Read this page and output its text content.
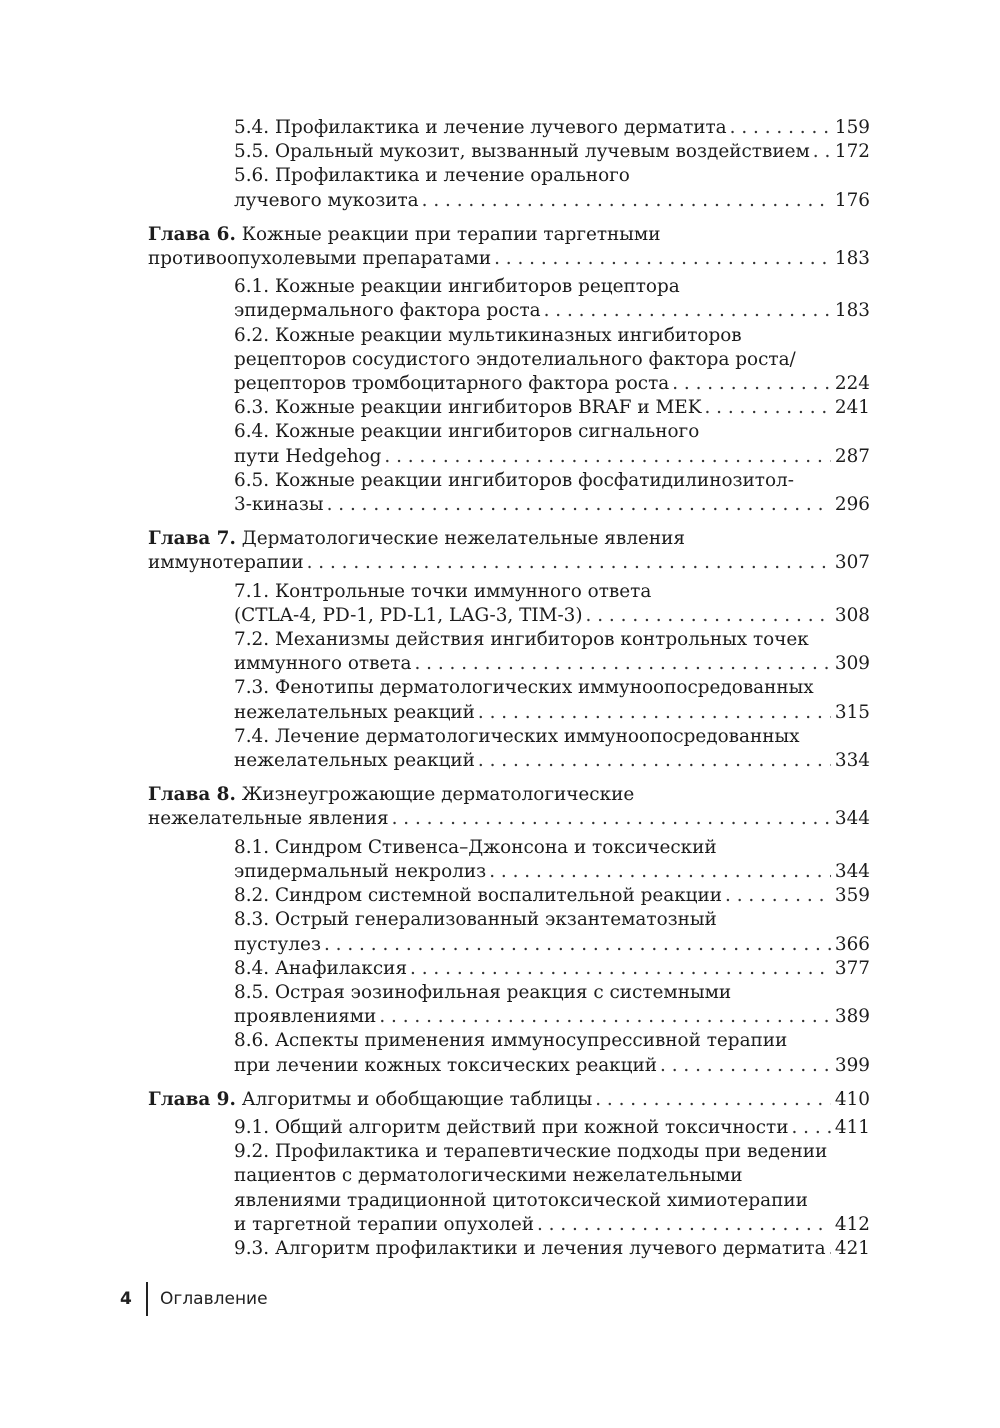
5.4. Профилактика и лечение лучевого дерматита . . .	159
5.5. Оральный мукозит, вызванный лучевым воздействием . . . 172
5.6. Профилактика и лечение орального
лучевого мукозита . . .	176
Глава 6. Кожные реакции при терапии таргетными
противоопухолевыми препаратами . . .	183
6.1. Кожные реакции ингибиторов рецептора
эпидермального фактора роста . . .	183
6.2. Кожные реакции мультикиназных ингибиторов
рецепторов сосудистого эндотелиального фактора роста/
рецепторов тромбоцитарного фактора роста . . .	224
6.3. Кожные реакции ингибиторов BRAF и MEK . . .	241
6.4. Кожные реакции ингибиторов сигнального
пути Hedgehog . . .	287
6.5. Кожные реакции ингибиторов фосфатидилинозитол-
3-киназы . . .	296
Глава 7. Дерматологические нежелательные явления
иммунотерапии . . .	307
7.1. Контрольные точки иммунного ответа
(CTLA-4, PD-1, PD-L1, LAG-3, TIM-3) . . .	308
7.2. Механизмы действия ингибиторов контрольных точек
иммунного ответа . . .	309
7.3. Фенотипы дерматологических иммуноопосредованных
нежелательных реакций . . .	315
7.4. Лечение дерматологических иммуноопосредованных
нежелательных реакций . . .	334
Глава 8. Жизнеугрожающие дерматологические
нежелательные явления . . .	344
8.1. Синдром Стивенса–Джонсона и токсический
эпидермальный некролиз . . .	344
8.2. Синдром системной воспалительной реакции . . .	359
8.3. Острый генерализованный экзантематозный
пустулез . . .	366
8.4. Анафилаксия . . .	377
8.5. Острая эозинофильная реакция с системными
проявлениями . . .	389
8.6. Аспекты применения иммуносупрессивной терапии
при лечении кожных токсических реакций . . .	399
Глава 9. Алгоритмы и обобщающие таблицы . . .	410
9.1. Общий алгоритм действий при кожной токсичности . . .	411
9.2. Профилактика и терапевтические подходы при ведении
пациентов с дерматологическими нежелательными
явлениями традиционной цитотоксической химиотерапии
и таргетной терапии опухолей . . .	412
9.3. Алгоритм профилактики и лечения лучевого дерматита . . . 421
4	Оглавление
